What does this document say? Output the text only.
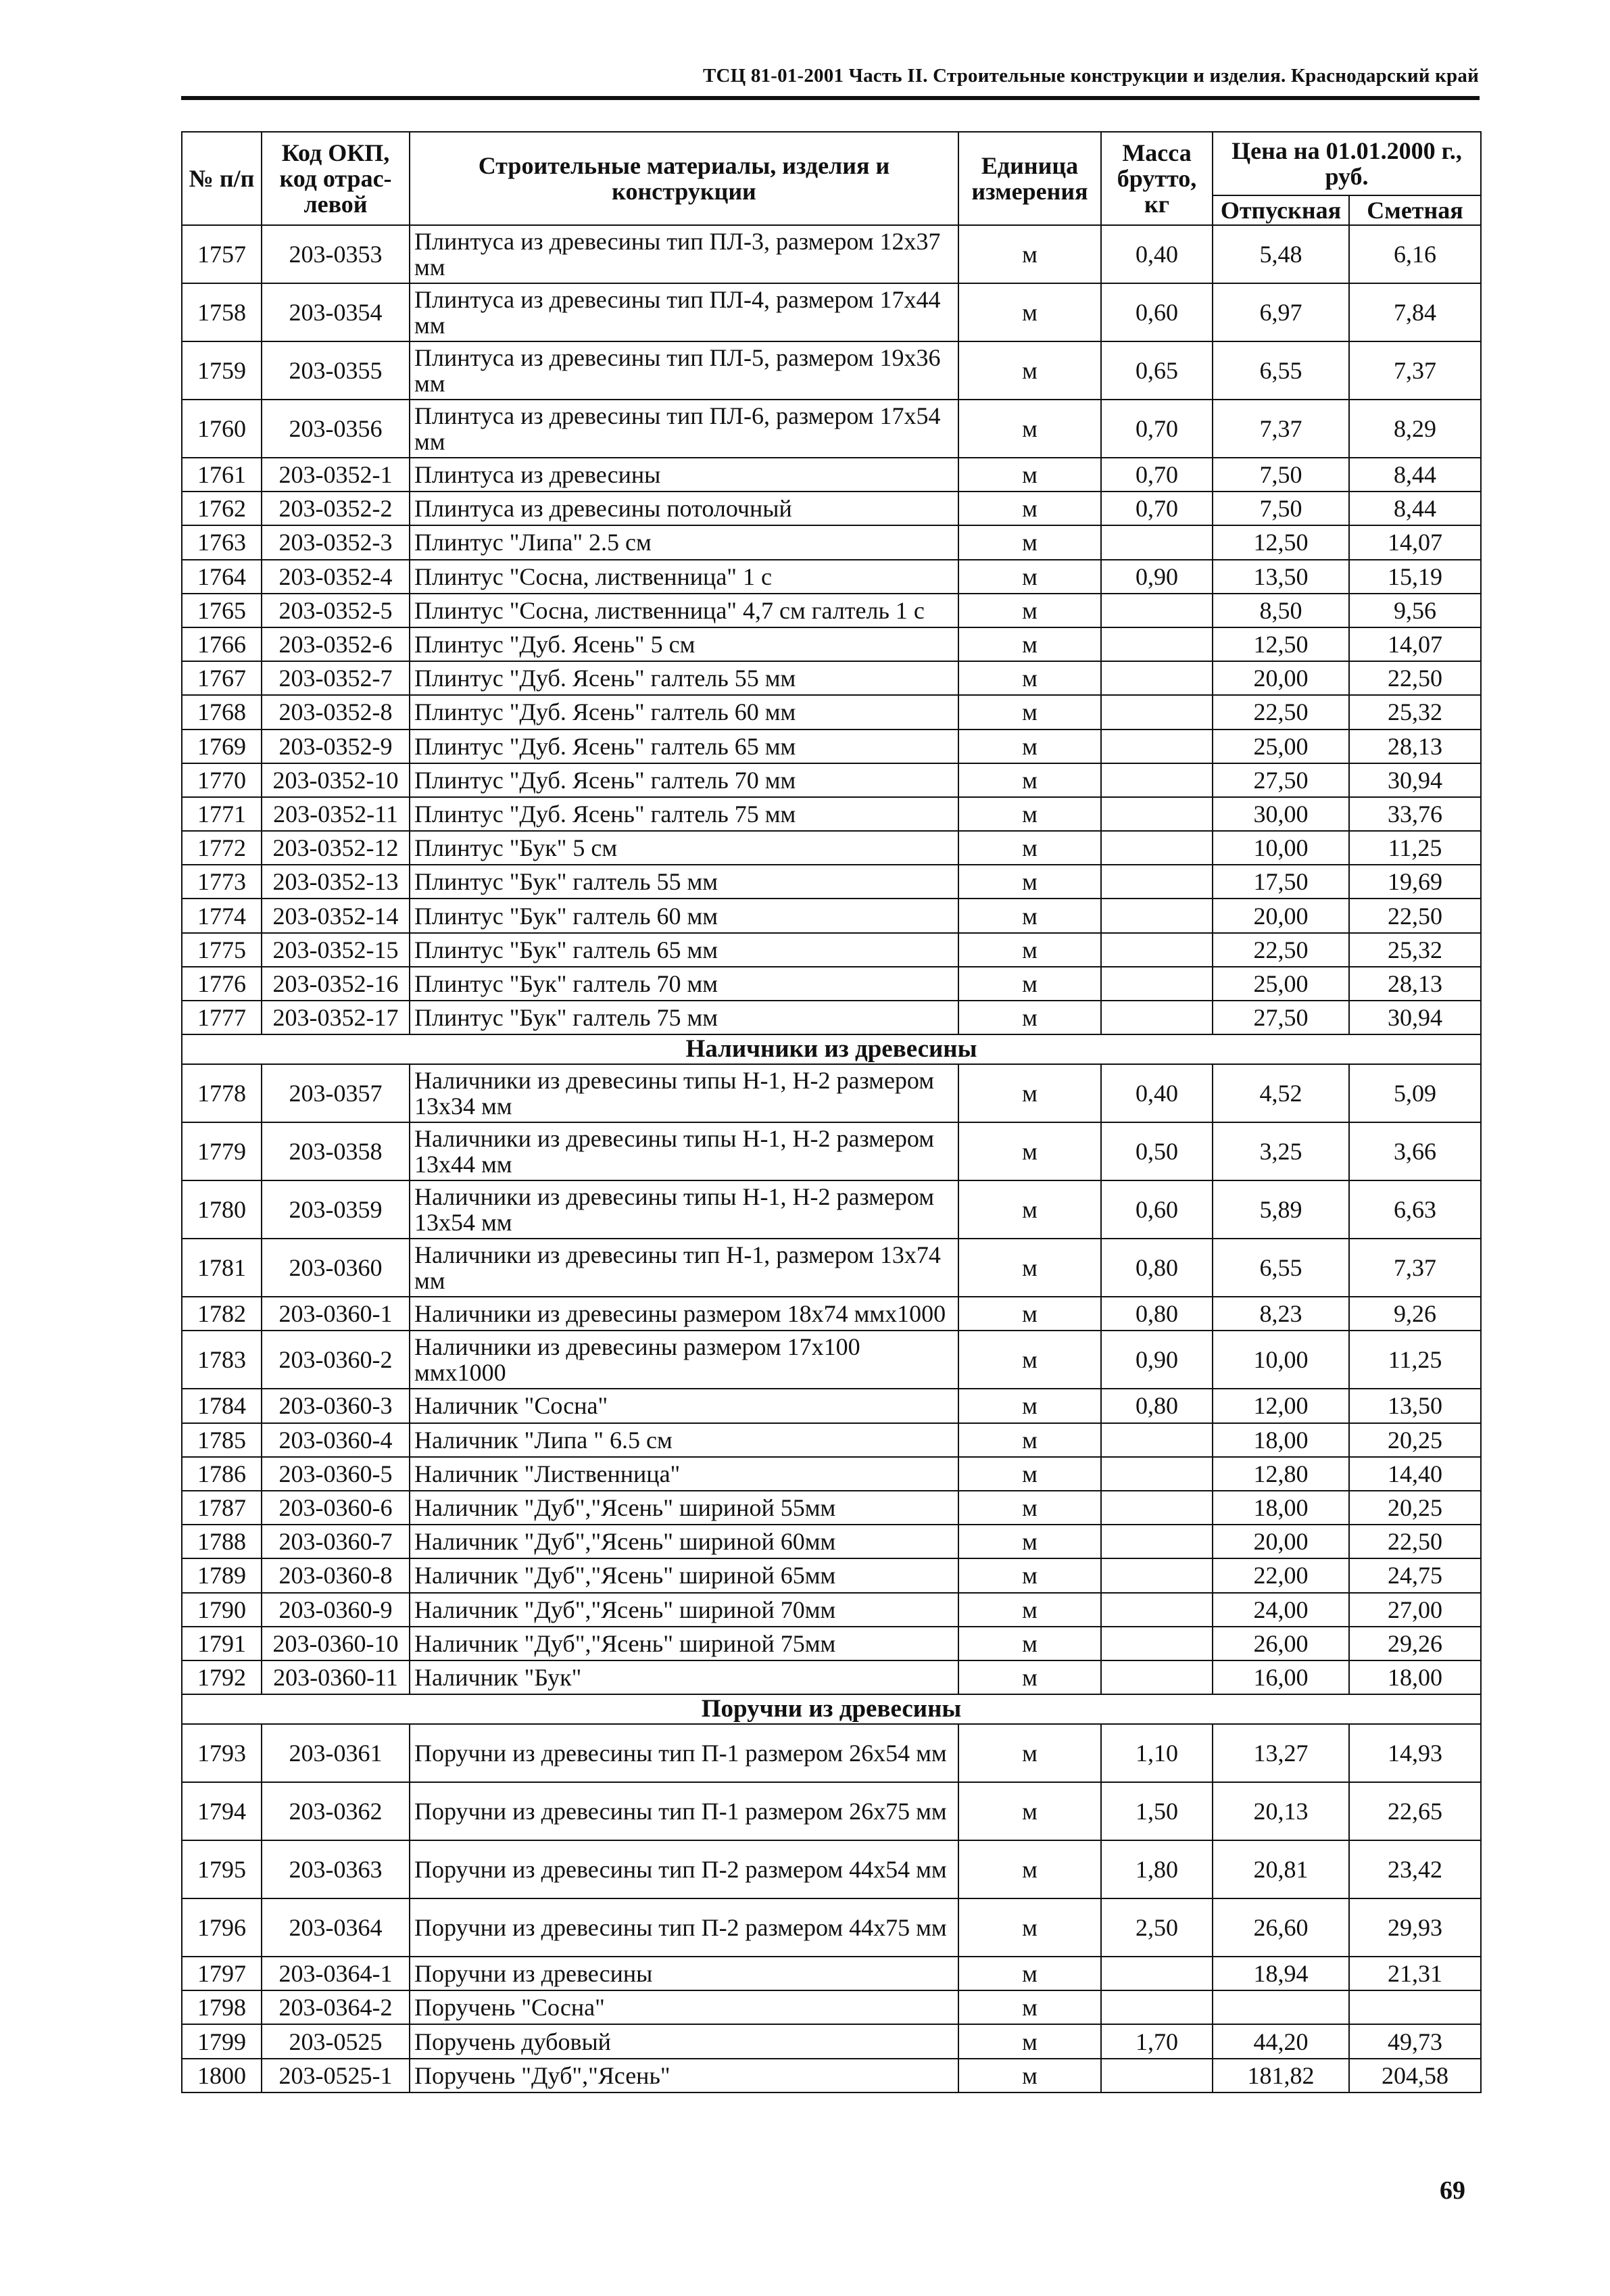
ТСЦ 81-01-2001 Часть II. Строительные конструкции и изделия. Краснодарский край
№ п/п	Код ОКП, код отрас-левой	Строительные материалы, изделия и конструкции	Единица измерения	Масса брутто, кг	Цена на 01.01.2000 г., руб.	
					Отпускная	Сметная
1757	203-0353	Плинтуса из древесины тип ПЛ-3, размером 12х37 мм	м	0,40	5,48	6,16
1758	203-0354	Плинтуса из древесины тип ПЛ-4, размером 17х44 мм	м	0,60	6,97	7,84
1759	203-0355	Плинтуса из древесины тип ПЛ-5, размером 19х36 мм	м	0,65	6,55	7,37
1760	203-0356	Плинтуса из древесины тип ПЛ-6, размером 17х54 мм	м	0,70	7,37	8,29
1761	203-0352-1	Плинтуса из древесины	м	0,70	7,50	8,44
1762	203-0352-2	Плинтуса из древесины потолочный	м	0,70	7,50	8,44
1763	203-0352-3	Плинтус "Липа" 2.5 см	м		12,50	14,07
1764	203-0352-4	Плинтус "Сосна, лиственница" 1 с	м	0,90	13,50	15,19
1765	203-0352-5	Плинтус "Сосна, лиственница" 4,7 см галтель 1 с	м		8,50	9,56
1766	203-0352-6	Плинтус "Дуб. Ясень" 5 см	м		12,50	14,07
1767	203-0352-7	Плинтус "Дуб. Ясень" галтель 55 мм	м		20,00	22,50
1768	203-0352-8	Плинтус "Дуб. Ясень" галтель 60 мм	м		22,50	25,32
1769	203-0352-9	Плинтус "Дуб. Ясень" галтель 65 мм	м		25,00	28,13
1770	203-0352-10	Плинтус "Дуб. Ясень" галтель 70 мм	м		27,50	30,94
1771	203-0352-11	Плинтус "Дуб. Ясень" галтель 75 мм	м		30,00	33,76
1772	203-0352-12	Плинтус "Бук" 5 см	м		10,00	11,25
1773	203-0352-13	Плинтус "Бук" галтель 55 мм	м		17,50	19,69
1774	203-0352-14	Плинтус "Бук" галтель 60 мм	м		20,00	22,50
1775	203-0352-15	Плинтус "Бук" галтель 65 мм	м		22,50	25,32
1776	203-0352-16	Плинтус "Бук" галтель 70 мм	м		25,00	28,13
1777	203-0352-17	Плинтус "Бук" галтель 75 мм	м		27,50	30,94
Наличники из древесины						
1778	203-0357	Наличники из древесины типы Н-1, Н-2 размером 13х34 мм	м	0,40	4,52	5,09
1779	203-0358	Наличники из древесины типы Н-1, Н-2 размером 13х44 мм	м	0,50	3,25	3,66
1780	203-0359	Наличники из древесины типы Н-1, Н-2 размером 13х54 мм	м	0,60	5,89	6,63
1781	203-0360	Наличники из древесины тип Н-1, размером 13х74 мм	м	0,80	6,55	7,37
1782	203-0360-1	Наличники из древесины размером 18х74 ммх1000	м	0,80	8,23	9,26
1783	203-0360-2	Наличники из древесины размером 17х100 ммх1000	м	0,90	10,00	11,25
1784	203-0360-3	Наличник "Сосна"	м	0,80	12,00	13,50
1785	203-0360-4	Наличник "Липа " 6.5 см	м		18,00	20,25
1786	203-0360-5	Наличник "Лиственница"	м		12,80	14,40
1787	203-0360-6	Наличник "Дуб","Ясень" шириной 55мм	м		18,00	20,25
1788	203-0360-7	Наличник "Дуб","Ясень" шириной 60мм	м		20,00	22,50
1789	203-0360-8	Наличник "Дуб","Ясень" шириной 65мм	м		22,00	24,75
1790	203-0360-9	Наличник "Дуб","Ясень" шириной 70мм	м		24,00	27,00
1791	203-0360-10	Наличник "Дуб","Ясень" шириной 75мм	м		26,00	29,26
1792	203-0360-11	Наличник "Бук"	м		16,00	18,00
Поручни из древесины						
1793	203-0361	Поручни из древесины тип П-1 размером 26х54 мм	м	1,10	13,27	14,93
1794	203-0362	Поручни из древесины тип П-1 размером 26х75 мм	м	1,50	20,13	22,65
1795	203-0363	Поручни из древесины тип П-2 размером 44х54 мм	м	1,80	20,81	23,42
1796	203-0364	Поручни из древесины тип П-2 размером 44х75 мм	м	2,50	26,60	29,93
1797	203-0364-1	Поручни из древесины	м		18,94	21,31
1798	203-0364-2	Поручень "Сосна"	м			
1799	203-0525	Поручень дубовый	м	1,70	44,20	49,73
1800	203-0525-1	Поручень "Дуб","Ясень"	м		181,82	204,58
69
